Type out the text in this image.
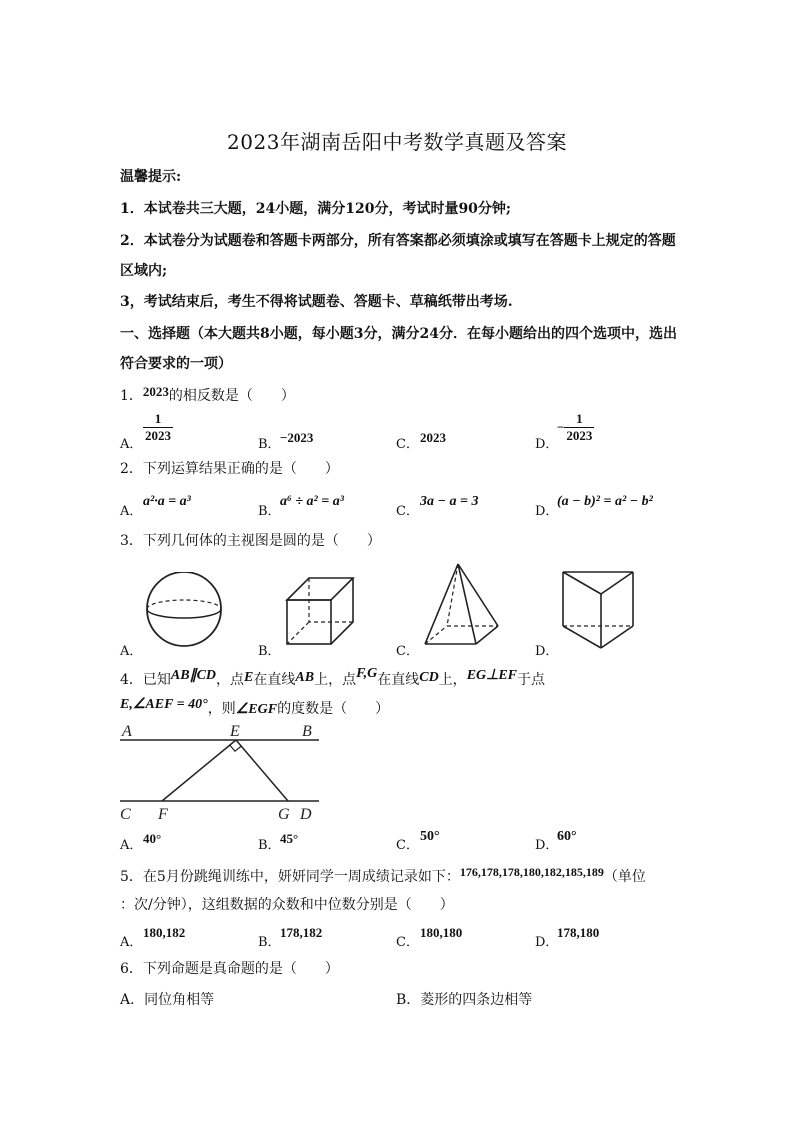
2023年湖南岳阳中考数学真题及答案
温馨提示:
1．本试卷共三大题，24小题，满分120分，考试时量90分钟;
2．本试卷分为试题卷和答题卡两部分，所有答案都必须填涂或填写在答题卡上规定的答题
区域内;
3，考试结束后，考生不得将试题卷、答题卡、草稿纸带出考场.
一、选择题（本大题共8小题，每小题3分，满分24分．在每小题给出的四个选项中，选出
符合要求的一项）
1．2023的相反数是（　　）
A．
$\frac{1}{2023}$
B． −2023	C． 2023	D．
− $\frac{1}{2023}$
2．下列运算结果正确的是（　　）
A．
a²·a = a³
B．
a⁶ ÷ a² = a³
C．
3a − a = 3
D．
(a − b)² = a² − b²
3．下列几何体的主视图是圆的是（　　）
A．	B．	C．	D．
4．已知AB∥CD，点E在直线AB上，点F,G在直线CD上，EG⊥EF于点
E,∠AEF = 40°，则∠EGF的度数是（　　）
A	E	B
C F	G D
A． 40°	B． 45°	C．
50°
D．
60°
5．在5月份跳绳训练中，妍妍同学一周成绩记录如下：176,178,178,180,182,185,189（单位
：次/分钟），这组数据的众数和中位数分别是（　　）
A．
180,182
B．
178,182
C．
180,180
D．
178,180
6．下列命题是真命题的是（　　）
A．同位角相等	B．菱形的四条边相等
